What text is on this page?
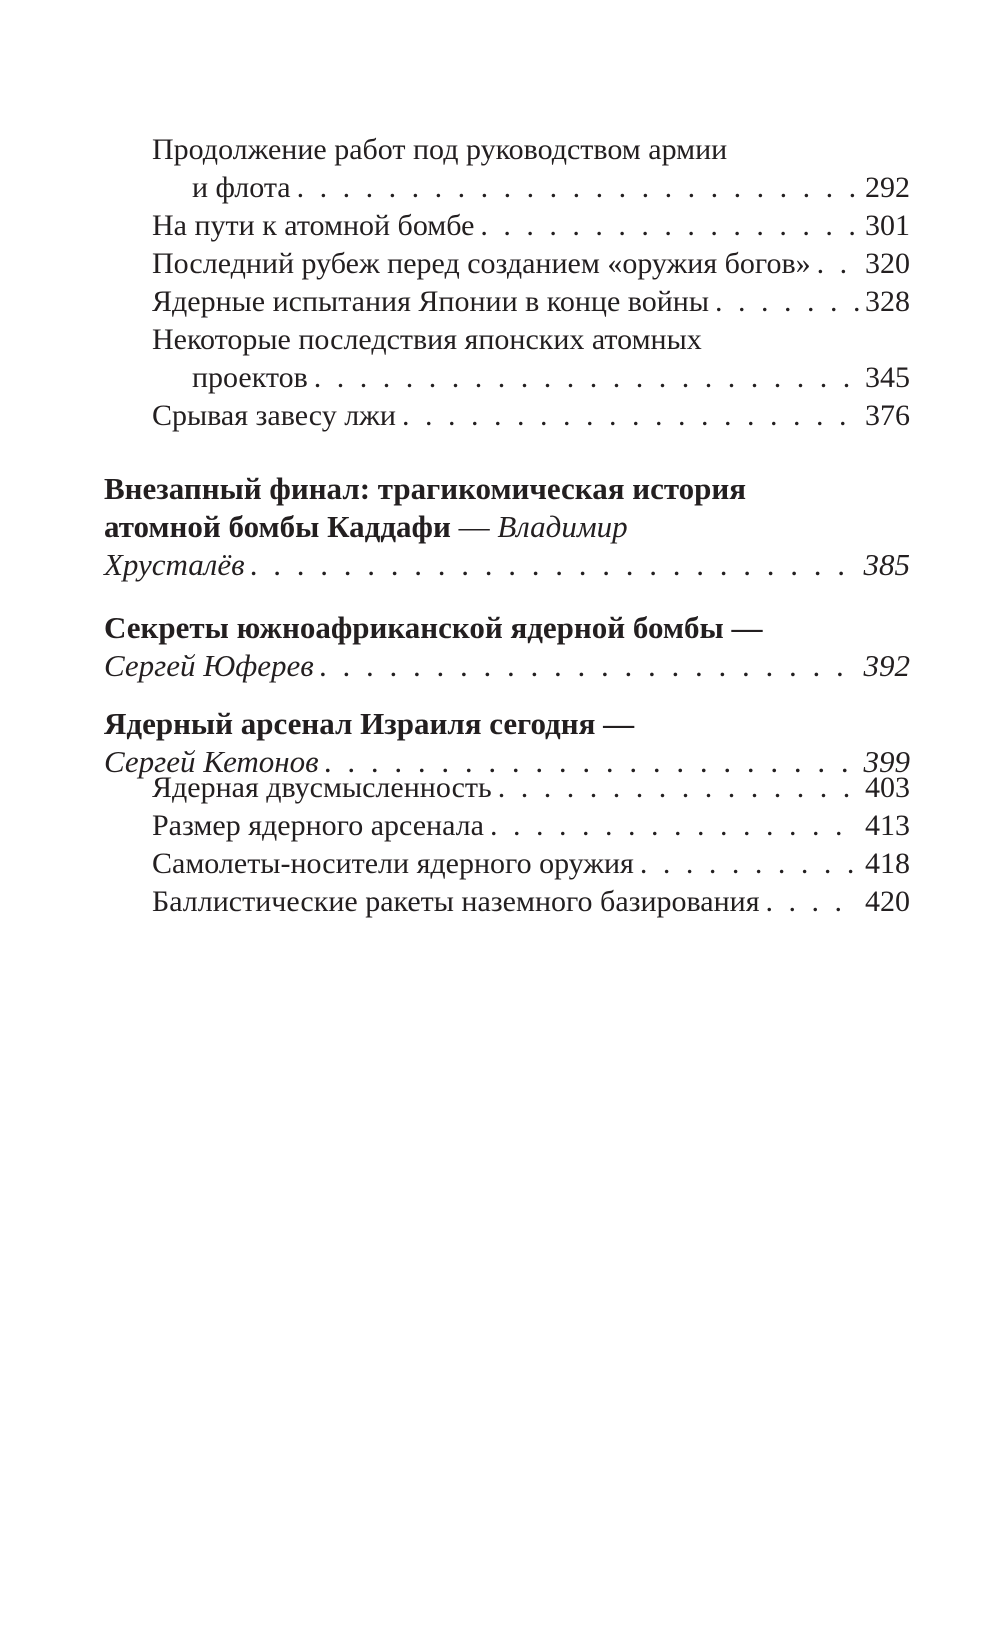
Продолжение работ под руководством армии
и флота . . .	292
На пути к атомной бомбе . . .	301
Последний рубеж перед созданием «оружия богов» . . . 320
Ядерные испытания Японии в конце войны . . .	328
Некоторые последствия японских атомных
проектов . . .	345
Срывая завесу лжи . . .	376
Внезапный финал: трагикомическая история
атомной бомбы Каддафи — Владимир
Хрусталёв . . .	385
Секреты южноафриканской ядерной бомбы —
Сергей Юферев . . .	392
Ядерный арсенал Израиля сегодня —
Сергей Кетонов . . .	399
Ядерная двусмысленность . . .	403
Размер ядерного арсенала . . .	413
Самолеты-носители ядерного оружия . . .	418
Баллистические ракеты наземного базирования . . .	420
